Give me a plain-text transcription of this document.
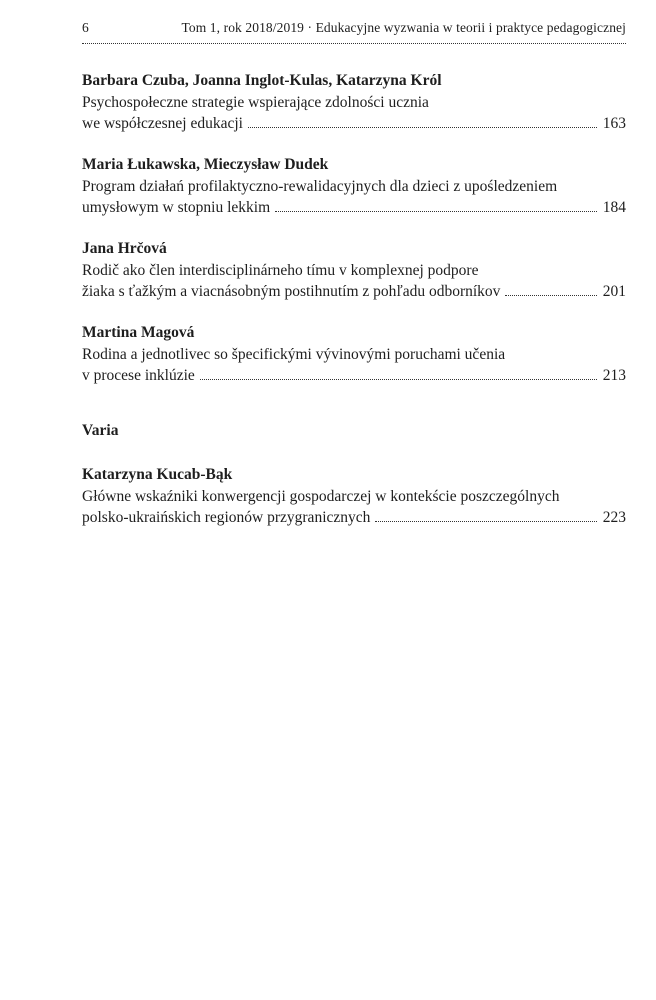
6	Tom 1, rok 2018/2019 · Edukacyjne wyzwania w teorii i praktyce pedagogicznej
Barbara Czuba, Joanna Inglot-Kulas, Katarzyna Król
Psychospołeczne strategie wspierające zdolności ucznia
we współczesnej edukacji	163
Maria Łukawska, Mieczysław Dudek
Program działań profilaktyczno-rewalidacyjnych dla dzieci z upośledzeniem
umysłowym w stopniu lekkim	184
Jana Hrčová
Rodič ako člen interdisciplinárneho tímu v komplexnej podpore
žiaka s ťažkým a viacnásobným postihnutím z pohľadu odborníkov	201
Martina Magová
Rodina a jednotlivec so špecifickými vývinovými poruchami učenia
v procese inklúzie	213
Varia
Katarzyna Kucab-Bąk
Główne wskaźniki konwergencji gospodarczej w kontekście poszczególnych
polsko-ukraińskich regionów przygranicznych	223
